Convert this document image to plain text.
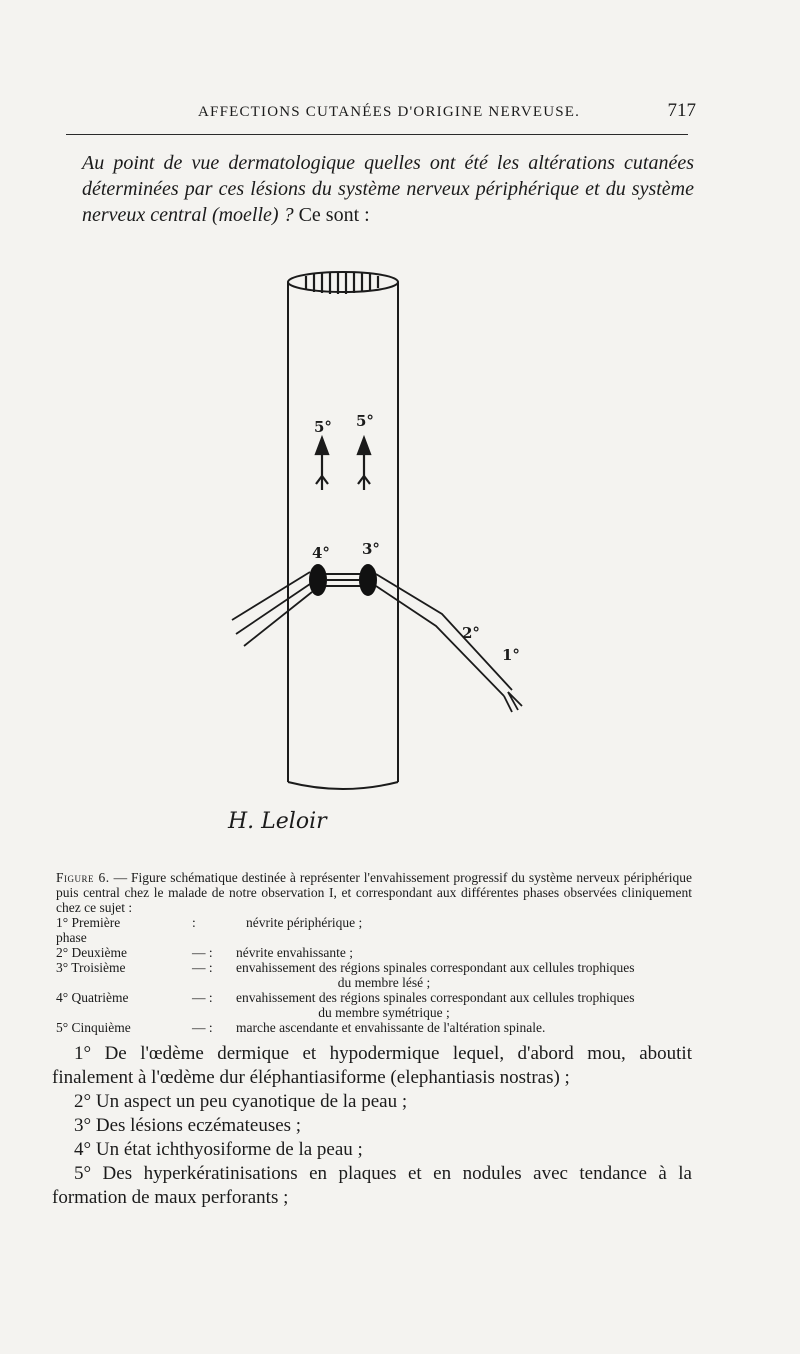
AFFECTIONS CUTANÉES D'ORIGINE NERVEUSE.	717

Au point de vue dermatologique quelles ont été les altérations cutanées déterminées par ces lésions du système nerveux périphérique et du système nerveux central (moelle) ? Ce sont :

5° 5°
4° 3°
2°
1°
H. Leloir
Figure 6. — Figure schématique destinée à représenter l'envahissement progressif du système nerveux périphérique puis central chez le malade de notre observation I, et correspondant aux différentes phases observées cliniquement chez ce sujet :
1° Première phase
:	névrite périphérique ;
2° Deuxième	— :	névrite envahissante ;
3° Troisième	— :	envahissement des régions spinales correspondant aux cellules trophiques
du membre lésé ;
4° Quatrième	— :	envahissement des régions spinales correspondant aux cellules trophiques
du membre symétrique ;
5° Cinquième	— :	marche ascendante et envahissante de l'altération spinale.

1° De l'œdème dermique et hypodermique lequel, d'abord mou, aboutit finalement à l'œdème dur éléphantiasiforme (elephantiasis nostras) ;

2° Un aspect un peu cyanotique de la peau ;

3° Des lésions eczémateuses ;

4° Un état ichthyosiforme de la peau ;

5° Des hyperkératinisations en plaques et en nodules avec tendance à la formation de maux perforants ;
